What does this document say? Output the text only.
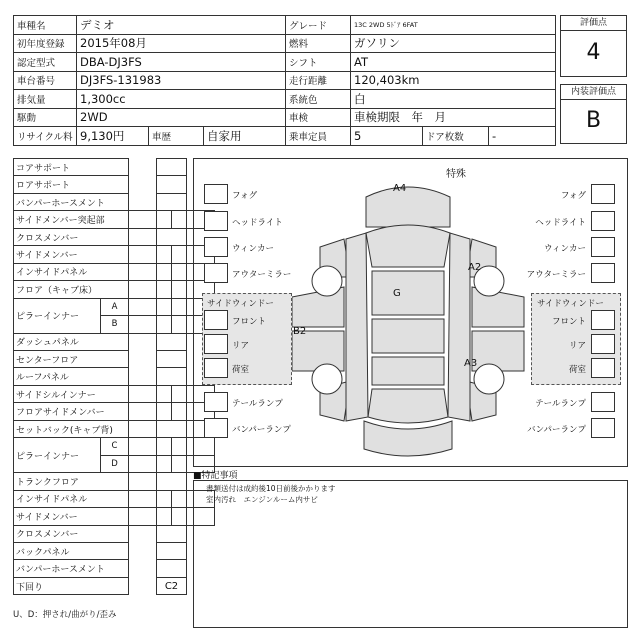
車種名	デミオ			グレード	13C 2WD 5ﾄﾞｱ 6FAT		
初年度登録	2015年08月			燃料	ガソリン		
認定型式	DBA-DJ3FS			シフト	AT		
車台番号	DJ3FS-131983			走行距離	120,403km		
排気量	1,300cc			系統色	白		
駆動	2WD			車検	車検期限　年　月		
リサイクル料	9,130円	車歴	自家用	乗車定員	5	ドア枚数	-
評価点
4
内装評価点
B
コアサポート					
ロアサポート					
バンパーホースメント					
サイドメンバー突起部					
クロスメンバー					
サイドメンバー					
インサイドパネル					
フロア（キャブ床）					
ピラーインナー	A				
	B				
ダッシュパネル					
センターフロア					
ルーフパネル					
サイドシルインナー					
フロアサイドメンバー					
セットバック(キャブ背)					
ピラーインナー	C				
	D				
トランクフロア					
インサイドパネル					
サイドメンバー					
クロスメンバー					
バックパネル					
バンパーホースメント					
下回り			C2		
U、D：押され/曲がり/歪み
特殊
A4
A2
G
B2
A3
サイドウィンドー	サイドウィンドー
フォグ
ヘッドライト
ウィンカー
アウターミラー
フォグ
ヘッドライト
ウィンカー
アウターミラー
フロント
リア
荷室
フロント
リア
荷室
テールランプ
バンパーランプ
テールランプ
バンパーランプ
■特記事項
書類送付は成約後10日前後かかります
室内汚れ　エンジンルーム内サビ
